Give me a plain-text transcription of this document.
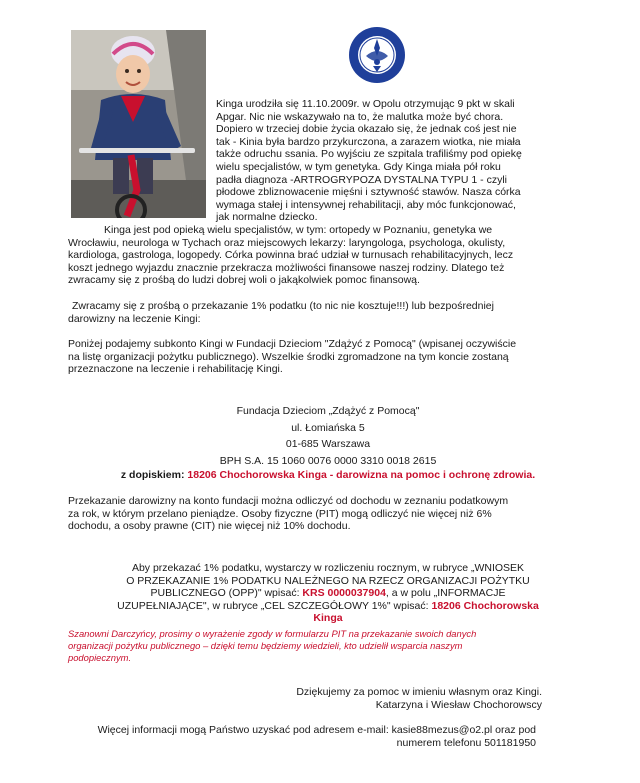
Kinga urodziła się 11.10.2009r. w Opolu otrzymując 9 pkt w skali
Apgar. Nic nie wskazywało na to, że malutka może być chora.
Dopiero w trzeciej dobie życia okazało się, że jednak coś jest nie
tak - Kinia była bardzo przykurczona, a zarazem wiotka, nie miała
także odruchu ssania. Po wyjściu ze szpitala trafiliśmy pod opiekę
wielu specjalistów, w tym genetyka. Gdy Kinga miała pół roku
padła diagnoza -ARTROGRYPOZA DYSTALNA TYPU 1 - czyli
płodowe zbliznowacenie mięśni i sztywność stawów. Nasza córka
wymaga stałej i intensywnej rehabilitacji, aby móc funkcjonować,
jak normalne dziecko.
Kinga jest pod opieką wielu specjalistów, w tym: ortopedy w Poznaniu, genetyka we
Wrocławiu, neurologa w Tychach oraz miejscowych lekarzy: laryngologa, psychologa, okulisty,
kardiologa, gastrologa, logopedy. Córka powinna brać udział w turnusach rehabilitacyjnych, lecz
koszt jednego wyjazdu znacznie przekracza możliwości finansowe naszej rodziny. Dlatego też
zwracamy się z prośbą do ludzi dobrej woli o jakąkolwiek pomoc finansową.
Zwracamy się z prośbą o przekazanie 1% podatku (to nic nie kosztuje!!!) lub bezpośredniej
darowizny na leczenie Kingi:
Poniżej podajemy subkonto Kingi w Fundacji Dzieciom "Zdążyć z Pomocą" (wpisanej oczywiście
na listę organizacji pożytku publicznego). Wszelkie środki zgromadzone na tym koncie zostaną
przeznaczone na leczenie i rehabilitację Kingi.
Fundacja Dzieciom „Zdążyć z Pomocą"
ul. Łomiańska 5
01-685 Warszawa
BPH S.A. 15 1060 0076 0000 3310 0018 2615
z dopiskiem: 18206 Chochorowska Kinga - darowizna na pomoc i ochronę zdrowia.
Przekazanie darowizny na konto fundacji można odliczyć od dochodu w zeznaniu podatkowym
za rok, w którym przelano pieniądze. Osoby fizyczne (PIT) mogą odliczyć nie więcej niż 6%
dochodu, a osoby prawne (CIT) nie więcej niż 10% dochodu.
Aby przekazać 1% podatku, wystarczy w rozliczeniu rocznym, w rubryce „WNIOSEK
O PRZEKAZANIE 1% PODATKU NALEŻNEGO NA RZECZ ORGANIZACJI POŻYTKU
PUBLICZNEGO (OPP)" wpisać: KRS 0000037904, a w polu „INFORMACJE
UZUPEŁNIAJĄCE", w rubryce „CEL SZCZEGÓŁOWY 1%" wpisać: 18206 Chochorowska
Kinga
Szanowni Darczyńcy, prosimy o wyrażenie zgody w formularzu PIT na przekazanie swoich danych
organizacji pożytku publicznego – dzięki temu będziemy wiedzieli, kto udzielił wsparcia naszym
podopiecznym.
Dziękujemy za pomoc w imieniu własnym oraz Kingi.
Katarzyna i Wiesław Chochorowscy
Więcej informacji mogą Państwo uzyskać pod adresem e-mail: kasie88mezus@o2.pl oraz pod
numerem telefonu 501181950
